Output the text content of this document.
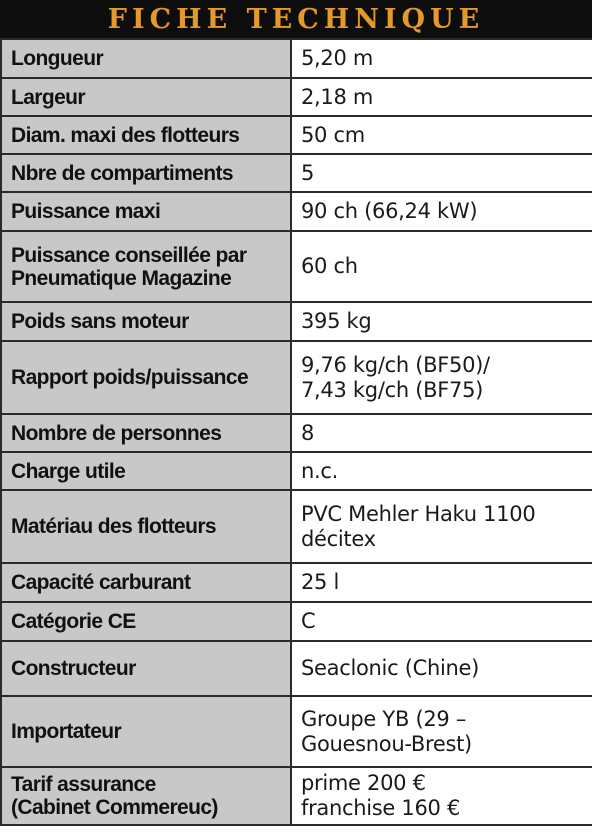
FICHE TECHNIQUE
Longueur	5,20 m

Largeur	2,18 m

Diam. maxi des flotteurs	50 cm

Nbre de compartiments	5

Puissance maxi	90 ch (66,24 kW)

Puissance conseillée par
Pneumatique Magazine	60 ch

Poids sans moteur	395 kg

Rapport poids/puissance	9,76 kg/ch (BF50)/
7,43 kg/ch (BF75)

Nombre de personnes	8

Charge utile	n.c.

Matériau des flotteurs	PVC Mehler Haku 1100
décitex

Capacité carburant	25 l

Catégorie CE	C

Constructeur	Seaclonic (Chine)

Importateur	Groupe YB (29 –
Gouesnou-Brest)

Tarif assurance
(Cabinet Commereuc)	prime 200 €
franchise 160 €
